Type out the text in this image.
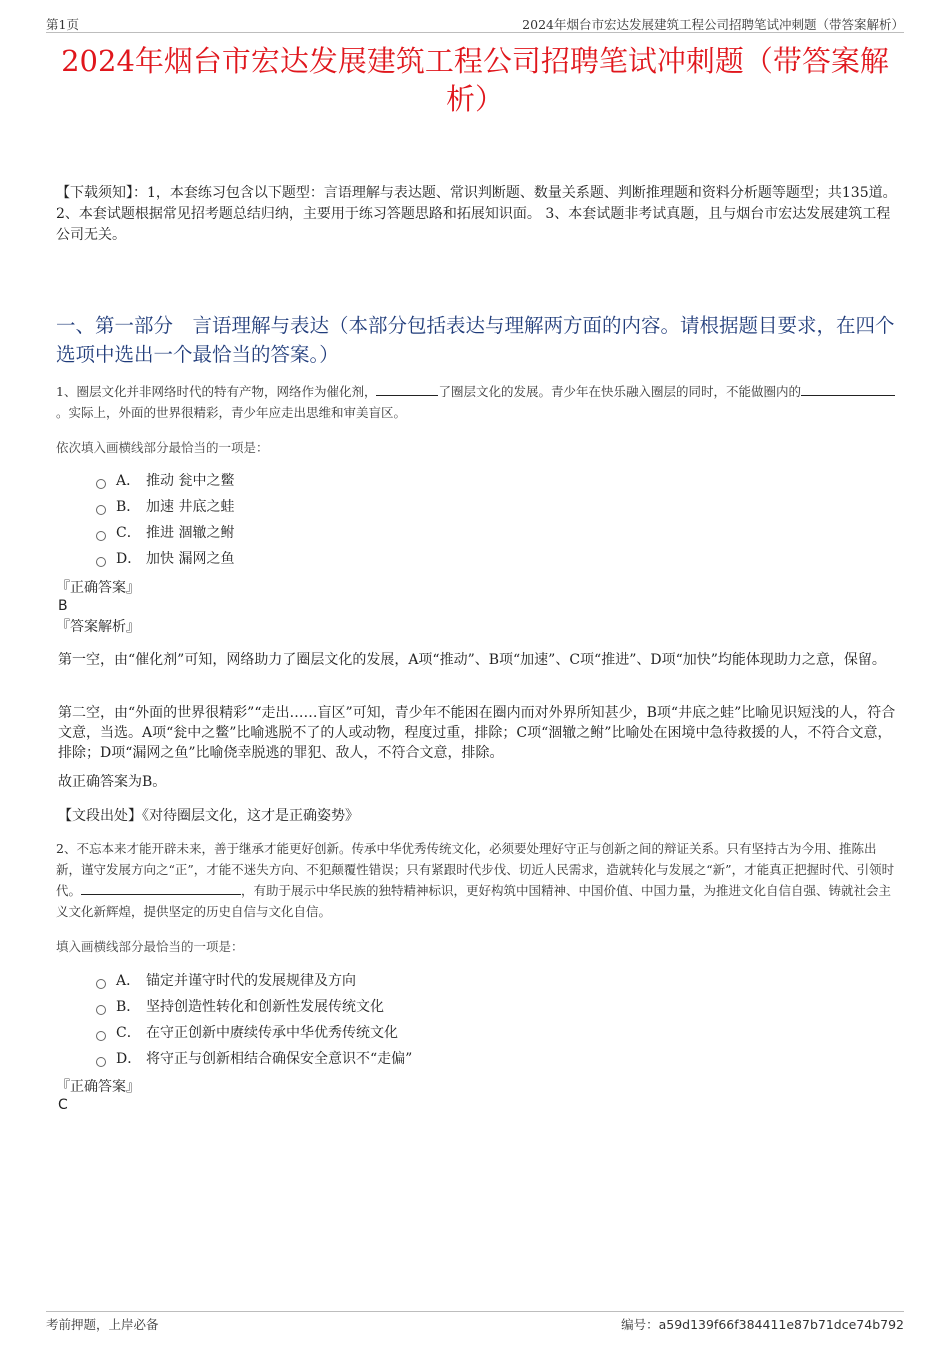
第1页	2024年烟台市宏达发展建筑工程公司招聘笔试冲刺题（带答案解析）
2024年烟台市宏达发展建筑工程公司招聘笔试冲刺题（带答案解析）
【下载须知】：1，本套练习包含以下题型：言语理解与表达题、常识判断题、数量关系题、判断推理题和资料分析题等题型；共135道。 2、本套试题根据常见招考题总结归纳，主要用于练习答题思路和拓展知识面。 3、本套试题非考试真题，且与烟台市宏达发展建筑工程公司无关。
一、第一部分　言语理解与表达（本部分包括表达与理解两方面的内容。请根据题目要求，在四个选项中选出一个最恰当的答案。）
1、圈层文化并非网络时代的特有产物，网络作为催化剂，	了圈层文化的发展。青少年在快乐融入圈层的同时，不能做圈内的。实际上，外面的世界很精彩，青少年应走出思维和审美盲区。
依次填入画横线部分最恰当的一项是：
A． 推动 瓮中之鳖
B． 加速 井底之蛙
C． 推进 涸辙之鲋
D． 加快 漏网之鱼
『正确答案』
B
『答案解析』
第一空，由“催化剂”可知，网络助力了圈层文化的发展，A项“推动”、B项“加速”、C项“推进”、D项“加快”均能体现助力之意，保留。
第二空，由“外面的世界很精彩”“走出……盲区”可知，青少年不能困在圈内而对外界所知甚少，B项“井底之蛙”比喻见识短浅的人，符合文意，当选。A项“瓮中之鳖”比喻逃脱不了的人或动物，程度过重，排除；C项“涸辙之鲋”比喻处在困境中急待救援的人，不符合文意，排除；D项“漏网之鱼”比喻侥幸脱逃的罪犯、敌人，不符合文意，排除。
故正确答案为B。
【文段出处】《对待圈层文化，这才是正确姿势》
2、不忘本来才能开辟未来，善于继承才能更好创新。传承中华优秀传统文化，必须要处理好守正与创新之间的辩证关系。只有坚持古为今用、推陈出新，谨守发展方向之“正”，才能不迷失方向、不犯颠覆性错误；只有紧跟时代步伐、切近人民需求，造就转化与发展之“新”，才能真正把握时代、引领时代。	，有助于展示中华民族的独特精神标识，更好构筑中国精神、中国价值、中国力量，为推进文化自信自强、铸就社会主义文化新辉煌，提供坚定的历史自信与文化自信。
填入画横线部分最恰当的一项是：
A． 锚定并谨守时代的发展规律及方向
B． 坚持创造性转化和创新性发展传统文化
C． 在守正创新中赓续传承中华优秀传统文化
D． 将守正与创新相结合确保安全意识不“走偏”
『正确答案』
C
考前押题，上岸必备	编号：a59d139f66f384411e87b71dce74b792
